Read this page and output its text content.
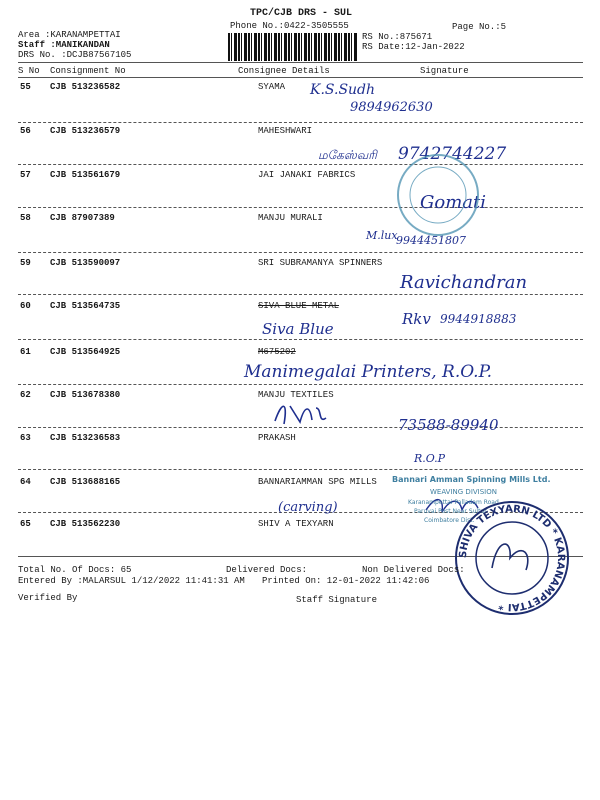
TPC/CJB DRS - SUL
Phone No.:0422-3505555	Page No.:5
Area :KARANAMPETTAI
Staff :MANIKANDAN
DRS No. :DCJB87567105
RS No.:875671
RS Date:12-Jan-2022
S No Consignment No	Consignee Details	Signature
55 CJB 513236582	SYAMA
56 CJB 513236579	MAHESHWARI
57 CJB 513561679	JAI JANAKI FABRICS
58 CJB 87907389	MANJU MURALI
59 CJB 513590097	SRI SUBRAMANYA SPINNERS
60 CJB 513564735	SIVA BLUE METAL
61 CJB 513564925	M675202
62 CJB 513678380	MANJU TEXTILES
63 CJB 513236583	PRAKASH
64 CJB 513688165	BANNARIAMMAN SPG MILLS
65 CJB 513562230	SHIV A TEXYARN
K.S.Sudh
9894962630
மகேஸ்வரி 9742744227
Gomati
M.lux
9944451807
Ravichandran
Siva Blue
Rkv 9944918883
Manimegalai Printers, R.O.P.
73588-89940
R.O.P
(carving)
Bannari Amman Spinning Mills Ltd.
WEAVING DIVISION
Karanampettai Palladam Road
Paruvai Post Near Sultur
Coimbatore Dist.
SHIVA TEXYARN LTD * KARANAMPETTAI *
Total No. Of Docs: 65	Delivered Docs:	Non Delivered Docs:
Entered By :MALARSUL 1/12/2022 11:41:31 AM Printed On: 12-01-2022 11:42:06
Verified By	Staff Signature
